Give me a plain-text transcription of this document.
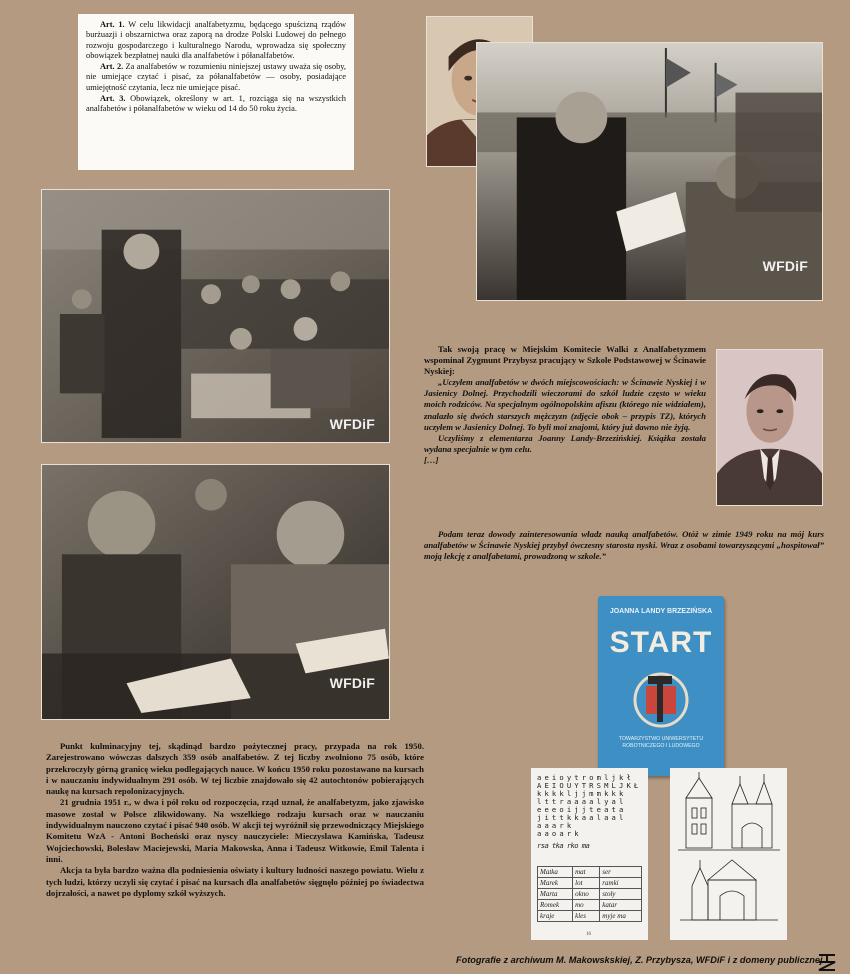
Art. 1. W celu likwidacji analfabetyzmu, będącego spuścizną rządów burżuazji i obszarnictwa oraz zaporą na drodze Polski Ludowej do pełnego rozwoju gospodarczego i kulturalnego Narodu, wprowadza się społeczny obowiązek bezpłatnej nauki dla analfabetów i półanalfabetów.

Art. 2. Za analfabetów w rozumieniu niniejszej ustawy uważa się osoby, nie umiejące czytać i pisać, za półanalfabetów — osoby, posiadające umiejętność czytania, lecz nie umiejące pisać.

Art. 3. Obowiązek, określony w art. 1, rozciąga się na wszystkich analfabetów i półanalfabetów w wieku od 14 do 50 roku życia.

WFDiF
WFDiF
WFDiF

Tak swoją pracę w Miejskim Komitecie Walki z Analfabetyzmem wspominał Zygmunt Przybysz pracujący w Szkole Podstawowej w Ścinawie Nyskiej:

„Uczyłem analfabetów w dwóch miejscowościach: w Ścinawie Nyskiej i w Jasienicy Dolnej. Przychodzili wieczorami do szkół ludzie często w wieku moich rodziców. Na specjalnym ogólnopolskim afiszu (którego nie widziałem), znalazło się dwóch starszych mężczyzn (zdjęcie obok – przypis TZ), których uczyłem w Jasienicy Dolnej. To byli moi znajomi, który już dawno nie żyją.

Uczyliśmy z elementarza Joanny Landy-Brzezińskiej. Książka została wydana specjalnie w tym celu.

[…]

Podam teraz dowody zainteresowania władz nauką analfabetów. Otóż w zimie 1949 roku na mój kurs analfabetów w Ścinawie Nyskiej przybył ówczesny starosta nyski. Wraz z osobami towarzyszącymi „hospitował” moją lekcję z analfabetami, prowadzoną w szkole.”

JOANNA LANDY BRZEZIŃSKA
START
TOWARZYSTWO UNIWERSYTETU ROBOTNICZEGO I LUDOWEGO
a e i o y t r o m l j k ł
A E I O U Y T R S M L J K Ł
k k k k l j j m m k k k
l t t r a a a a l y a l
e e e o i j j t e a t a
j i t t k k a a l a a l
a a a r k
a a o a r k
rsa tka rko ma
Matka	mat	ser
Marek	lot	ramki
Marta	okno	stoły
Romek	mo	katar
kraje	kles	myje ma
16

Punkt kulminacyjny tej, skądinąd bardzo pożytecznej pracy, przypada na rok 1950. Zarejestrowano wówczas dalszych 359 osób analfabetów. Z tej liczby zwolniono 75 osób, które przekroczyły górną granicę wieku podlegających nauce. W końcu 1950 roku pozostawano na kursach i w nauczaniu indywidualnym 291 osób. W tej liczbie znajdowało się 42 autochtonów pobierających naukę na kursach repolonizacyjnych.

21 grudnia 1951 r., w dwa i pół roku od rozpoczęcia, rząd uznał, że analfabetyzm, jako zjawisko masowe został w Polsce zlikwidowany. Na wszelkiego rodzaju kursach oraz w nauczaniu indywidualnym nauczono czytać i pisać 940 osób. W akcji tej wyróżnił się przewodniczący Miejskiego Komitetu WzA - Antoni Bocheński oraz nyscy nauczyciele: Mieczysława Kamińska, Tadeusz Wojciechowski, Bolesław Maciejewski, Maria Makowska, Anna i Tadeusz Witkowie, Emil Talenta i inni.

Akcja ta była bardzo ważna dla podniesienia oświaty i kultury ludności naszego powiatu. Wielu z tych ludzi, którzy uczyli się czytać i pisać na kursach dla analfabetów sięgnęło później po świadectwa dojrzałości, a nawet po dyplomy szkół wyższych.

Fotografie z archiwum M. Makowskskiej, Z. Przybysza, WFDiF i z domeny publicznej
